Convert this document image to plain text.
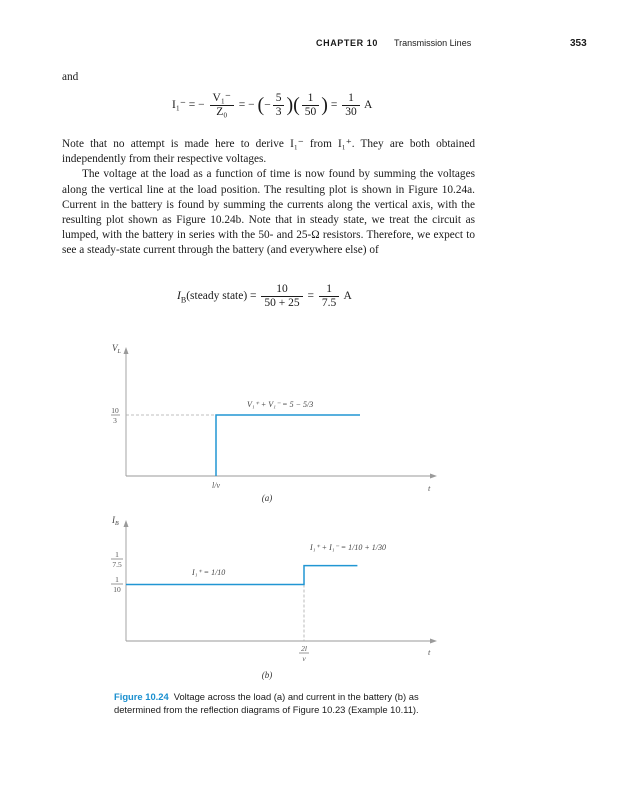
CHAPTER 10 Transmission Lines	353
and
I₁⁻ = − $\frac{\text{V₁⁻}}{\text{Z₀}}$ = − (− $\frac{5}{3}$ )( $\frac{1}{50}$ ) = $\frac{1}{30}$ A
Note that no attempt is made here to derive I₁⁻ from I₁⁺. They are both obtained independently from their respective voltages.
The voltage at the load as a function of time is now found by summing the voltages along the vertical line at the load position. The resulting plot is shown in Figure 10.24a. Current in the battery is found by summing the currents along the vertical axis, with the resulting plot shown as Figure 10.24b. Note that in steady state, we treat the circuit as lumped, with the battery in series with the 50- and 25-Ω resistors. Therefore, we expect to see a steady-state current through the battery (and everywhere else) of
$I_B(steady$ state) = $\frac{10}{50 + 25} = \frac{1}{7.5}$ A
$V_L$
t
10
3
l/v
V₁⁺ + V₁⁻ = 5 − 5/3
(a)
$I_B$
t
1
7.5
1
10
2l
v
I₁⁺ = 1/10
I₁⁺ + I₁⁻ = 1/10 + 1/30
(b)
Figure 10.24 Voltage across the load (a) and current in the battery (b) as determined from the reflection diagrams of Figure 10.23 (Example 10.11).
